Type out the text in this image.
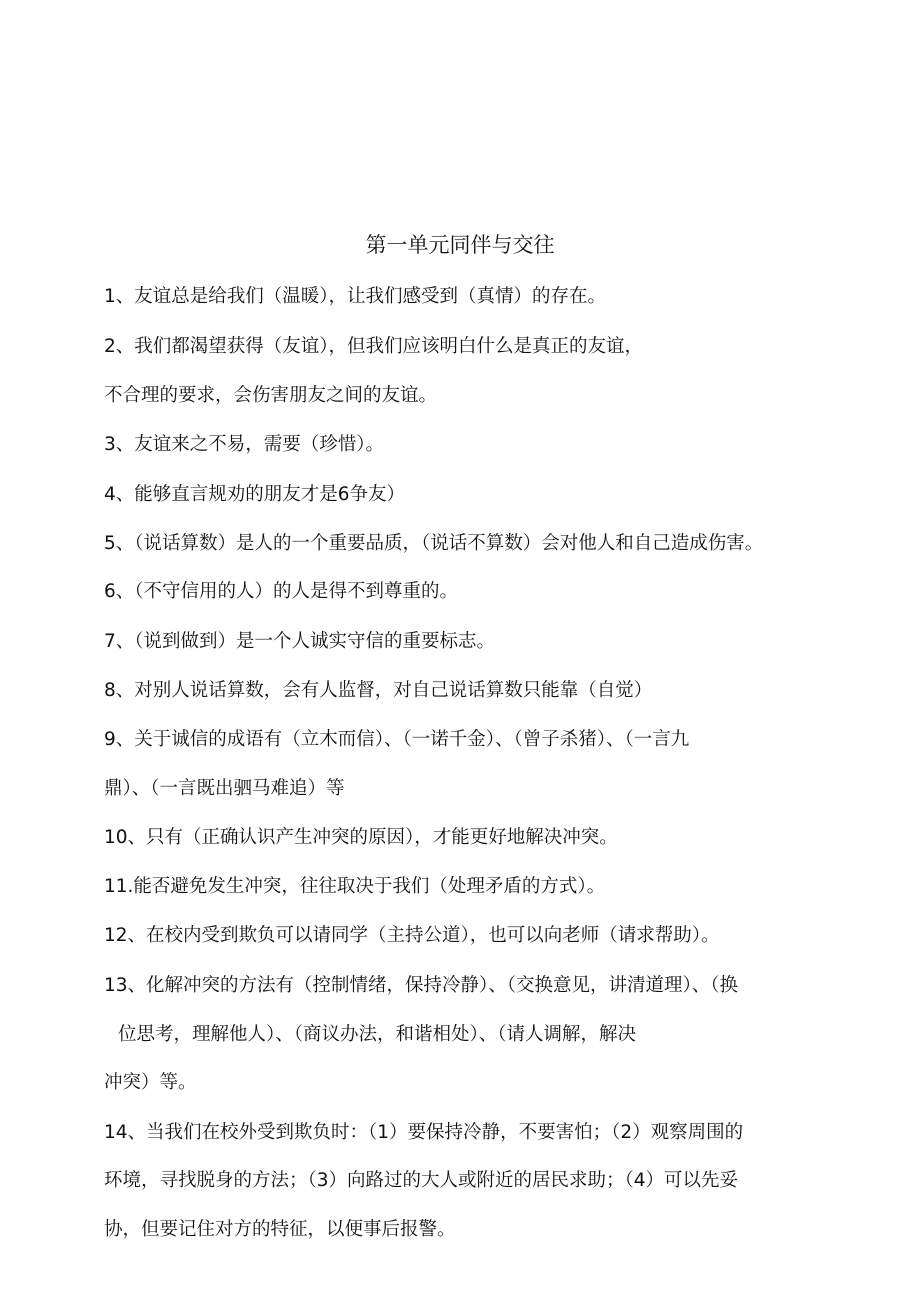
第一单元同伴与交往
1、友谊总是给我们（温暖），让我们感受到（真情）的存在。
2、我们都渴望获得（友谊），但我们应该明白什么是真正的友谊，
不合理的要求，会伤害朋友之间的友谊。
3、友谊来之不易，需要（珍惜）。
4、能够直言规劝的朋友才是6争友）
5、（说话算数）是人的一个重要品质，（说话不算数）会对他人和自己造成伤害。
6、（不守信用的人）的人是得不到尊重的。
7、（说到做到）是一个人诚实守信的重要标志。
8、对别人说话算数，会有人监督，对自己说话算数只能靠（自觉）
9、关于诚信的成语有（立木而信）、（一诺千金）、（曾子杀猪）、（一言九
鼎）、（一言既出驷马难追）等
10、只有（正确认识产生冲突的原因），才能更好地解决冲突。
11.能否避免发生冲突，往往取决于我们（处理矛盾的方式）。
12、在校内受到欺负可以请同学（主持公道），也可以向老师（请求帮助）。
13、化解冲突的方法有（控制情绪，保持冷静）、（交换意见，讲清道理）、（换
位思考，理解他人）、（商议办法，和谐相处）、（请人调解，解决
冲突）等。
14、当我们在校外受到欺负时：（1）要保持冷静，不要害怕；（2）观察周围的
环境，寻找脱身的方法；（3）向路过的大人或附近的居民求助；（4）可以先妥
协，但要记住对方的特征，以便事后报警。
